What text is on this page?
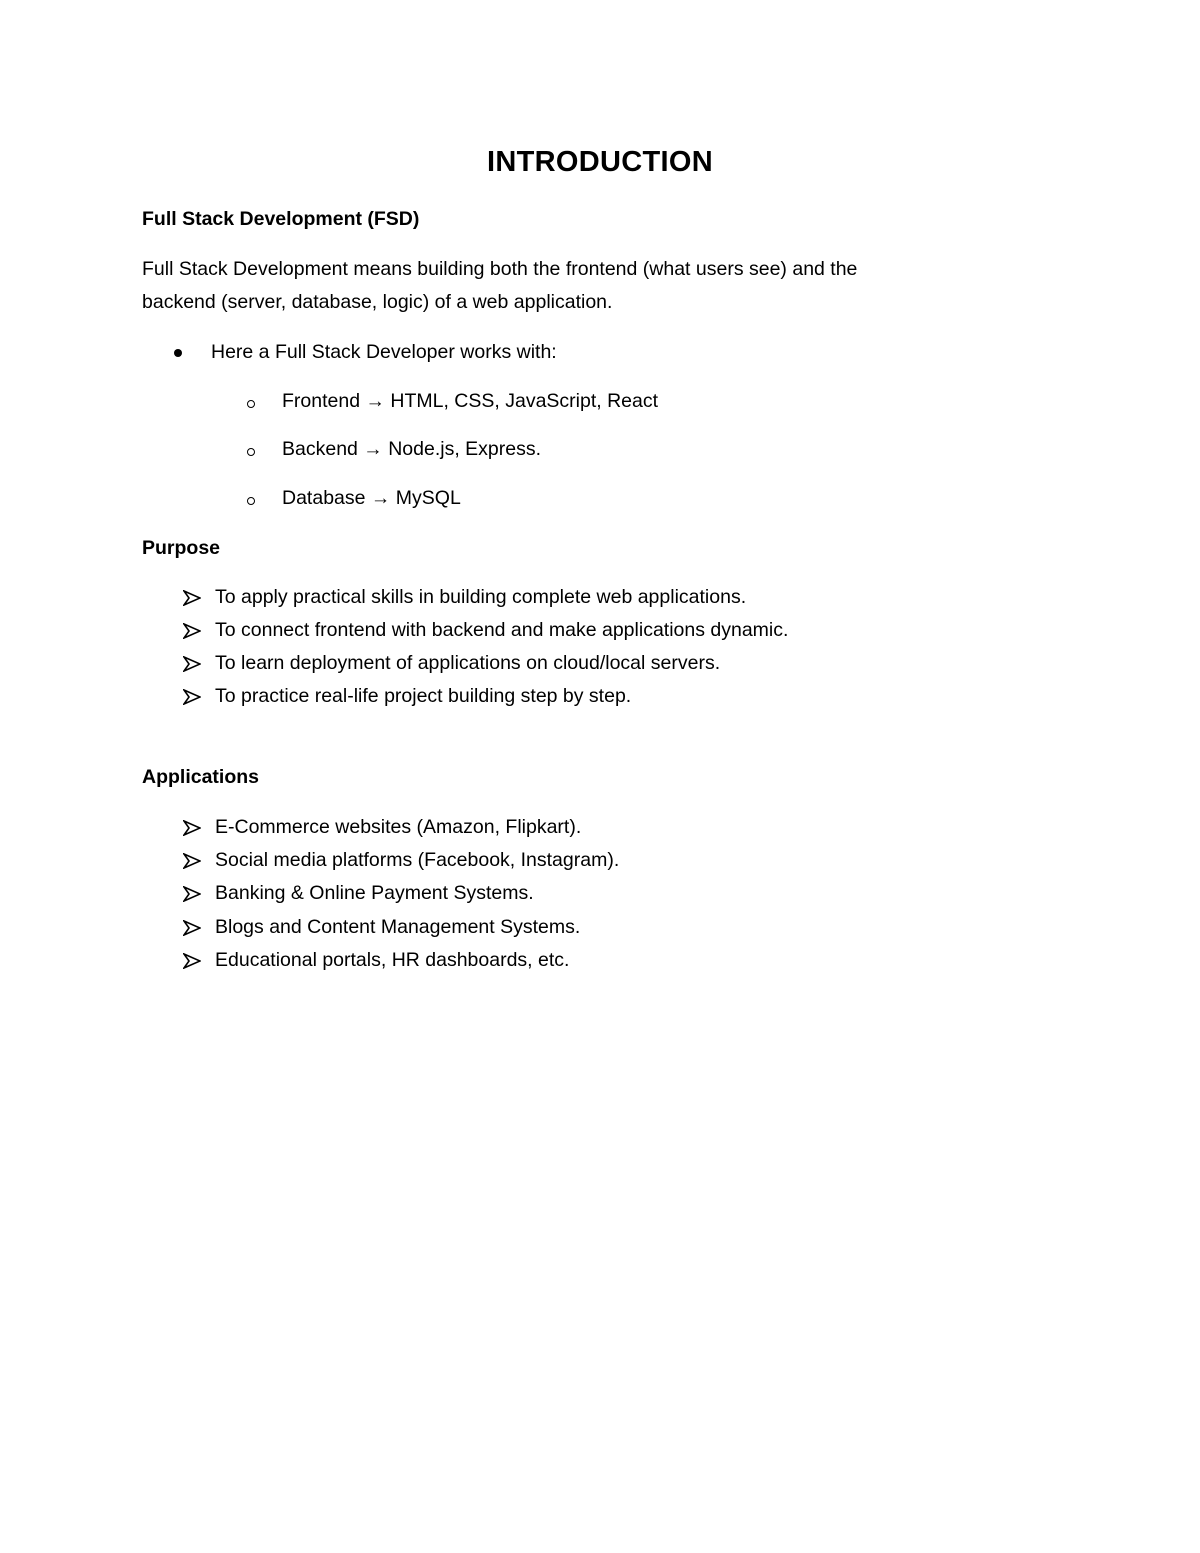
INTRODUCTION
Full Stack Development (FSD)

Full Stack Development means building both the frontend (what users see) and the

backend (server, database, logic) of a web application.

Here a Full Stack Developer works with:

Frontend → HTML, CSS, JavaScript, React

Backend → Node.js, Express.

Database → MySQL

Purpose

To apply practical skills in building complete web applications.

To connect frontend with backend and make applications dynamic.

To learn deployment of applications on cloud/local servers.

To practice real-life project building step by step.

Applications

E-Commerce websites (Amazon, Flipkart).

Social media platforms (Facebook, Instagram).

Banking & Online Payment Systems.

Blogs and Content Management Systems.

Educational portals, HR dashboards, etc.
